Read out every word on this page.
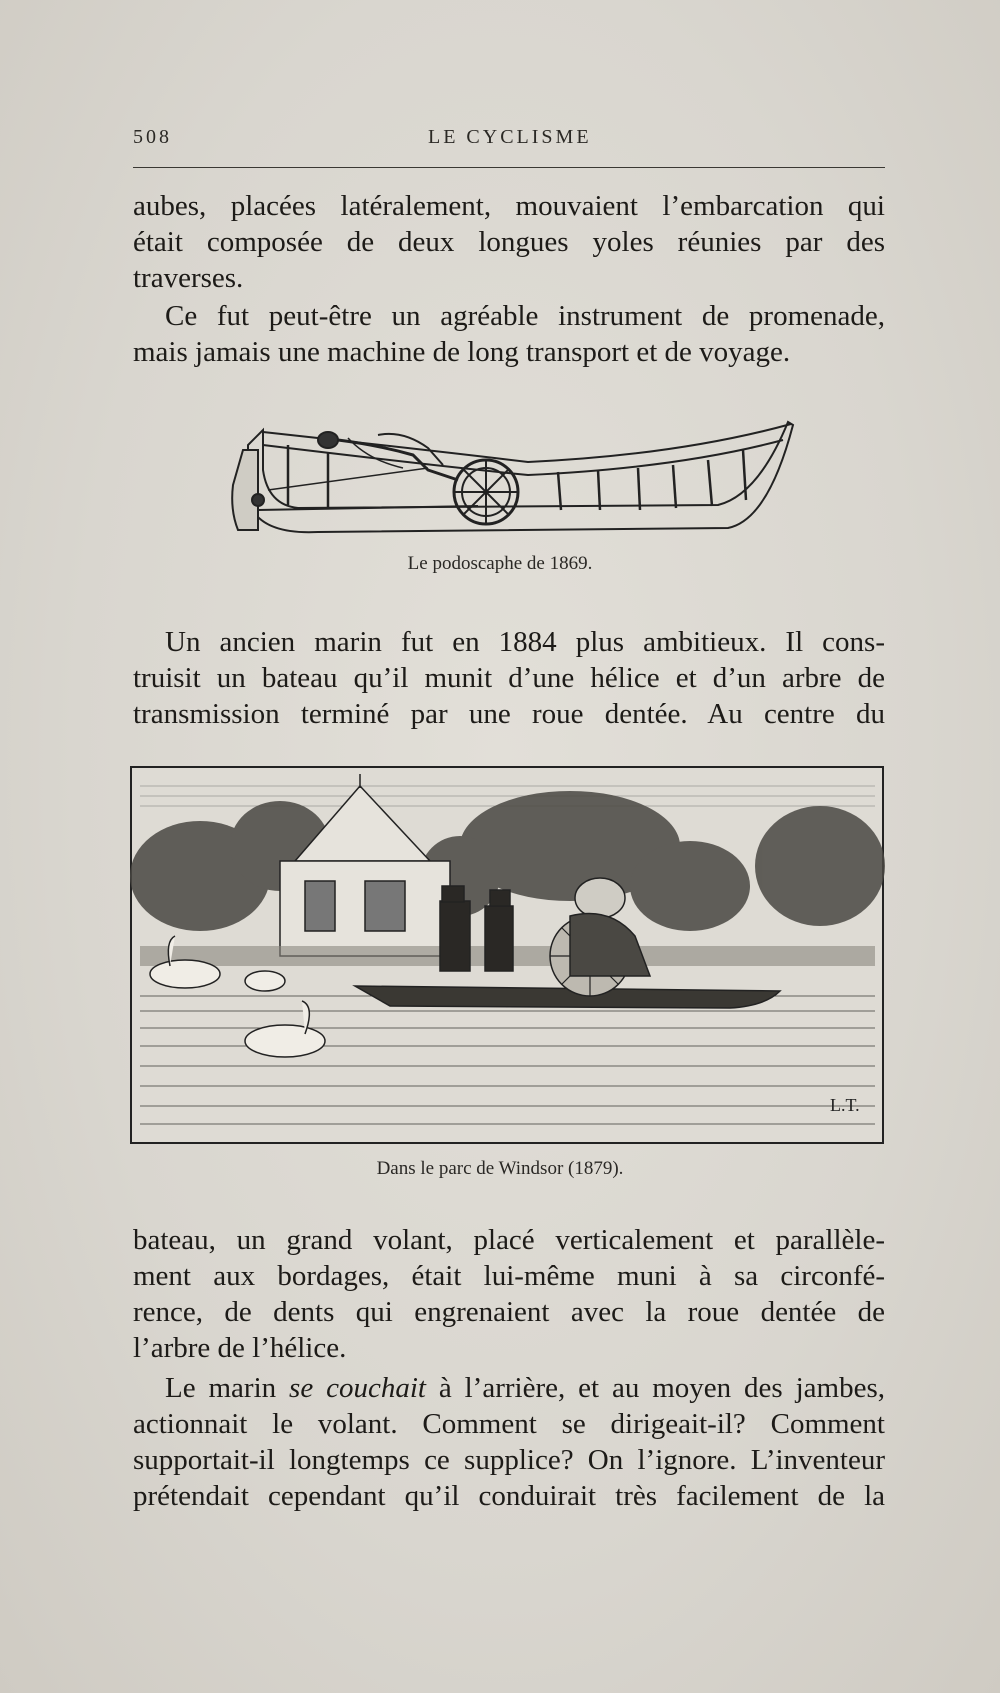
508	LE CYCLISME
aubes, placées latéralement, mouvaient l’embarcation qui
était composée de deux longues yoles réunies par des
traverses.
Ce fut peut-être un agréable instrument de promenade,
mais jamais une machine de long transport et de voyage.
Le podoscaphe de 1869.
Un ancien marin fut en 1884 plus ambitieux. Il cons-
truisit un bateau qu’il munit d’une hélice et d’un arbre de
transmission terminé par une roue dentée. Au centre du
L.T.
Dans le parc de Windsor (1879).
bateau, un grand volant, placé verticalement et parallèle-
ment aux bordages, était lui-même muni à sa circonfé-
rence, de dents qui engrenaient avec la roue dentée de
l’arbre de l’hélice.
Le marin se couchait à l’arrière, et au moyen des jambes,
actionnait le volant. Comment se dirigeait-il? Comment
supportait-il longtemps ce supplice? On l’ignore. L’inventeur
prétendait cependant qu’il conduirait très facilement de la
